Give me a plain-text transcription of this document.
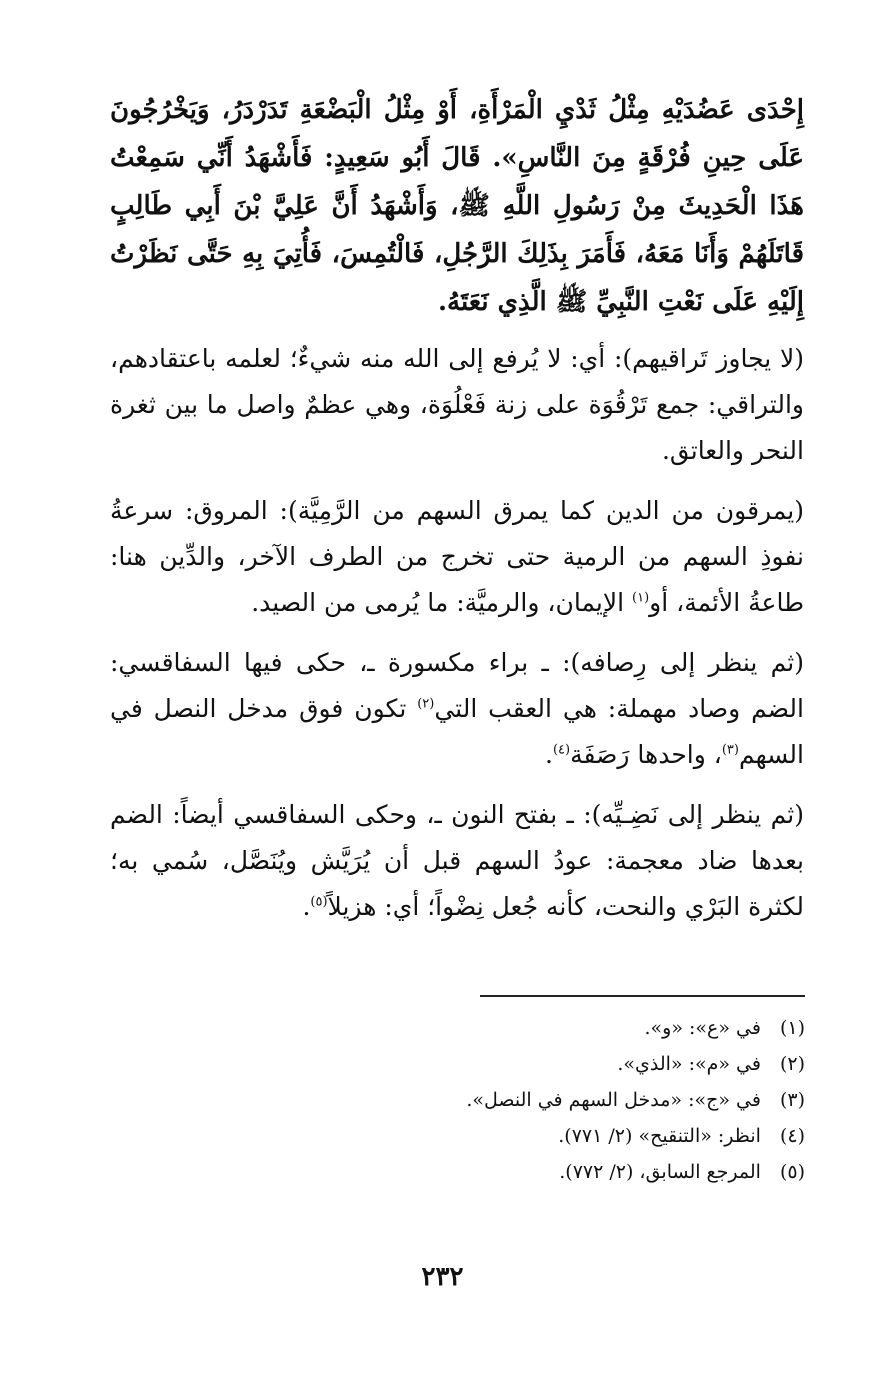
إِحْدَى عَضُدَيْهِ مِثْلُ ثَدْيِ الْمَرْأَةِ، أَوْ مِثْلُ الْبَضْعَةِ تَدَرْدَرُ، وَيَخْرُجُونَ عَلَى حِينِ فُرْقَةٍ مِنَ النَّاسِ». قَالَ أَبُو سَعِيدٍ: فَأَشْهَدُ أَنِّي سَمِعْتُ هَذَا الْحَدِيثَ مِنْ رَسُولِ اللَّهِ ﷺ، وَأَشْهَدُ أَنَّ عَلِيَّ بْنَ أَبِي طَالِبٍ قَاتَلَهُمْ وَأَنَا مَعَهُ، فَأَمَرَ بِذَلِكَ الرَّجُلِ، فَالْتُمِسَ، فَأُتِيَ بِهِ حَتَّى نَظَرْتُ إِلَيْهِ عَلَى نَعْتِ النَّبِيِّ ﷺ الَّذِي نَعَتَهُ.

(لا يجاوز تَراقيهم): أي: لا يُرفع إلى الله منه شيءٌ؛ لعلمه باعتقادهم، والتراقي: جمع تَرْقُوَة على زنة فَعْلُوَة، وهي عظمٌ واصل ما بين ثغرة النحر والعاتق.

(يمرقون من الدين كما يمرق السهم من الرَّمِيَّة): المروق: سرعةُ نفوذِ السهم من الرمية حتى تخرج من الطرف الآخر، والدِّين هنا: طاعةُ الأئمة، أو$^{(١)}$ الإيمان، والرميَّة: ما يُرمى من الصيد.

(ثم ينظر إلى رِصافه): ـ براء مكسورة ـ، حكى فيها السفاقسي: الضم وصاد مهملة: هي العقب التي$^{(٢)}$ تكون فوق مدخل النصل في السهم$^{(٣)}$، واحدها رَصَفَة$^{(٤)}$.

(ثم ينظر إلى نَضِـيِّه): ـ بفتح النون ـ، وحكى السفاقسي أيضاً: الضم بعدها ضاد معجمة: عودُ السهم قبل أن يُرَيَّش ويُنَصَّل، سُمي به؛ لكثرة البَرْي والنحت، كأنه جُعل نِضْواً؛ أي: هزيلاً$^{(٥)}$.

(١) في «ع»: «و».
(٢) في «م»: «الذي».
(٣) في «ج»: «مدخل السهم في النصل».
(٤) انظر: «التنقيح» (٢/ ٧٧١).
(٥) المرجع السابق، (٢/ ٧٧٢).
٢٣٢
